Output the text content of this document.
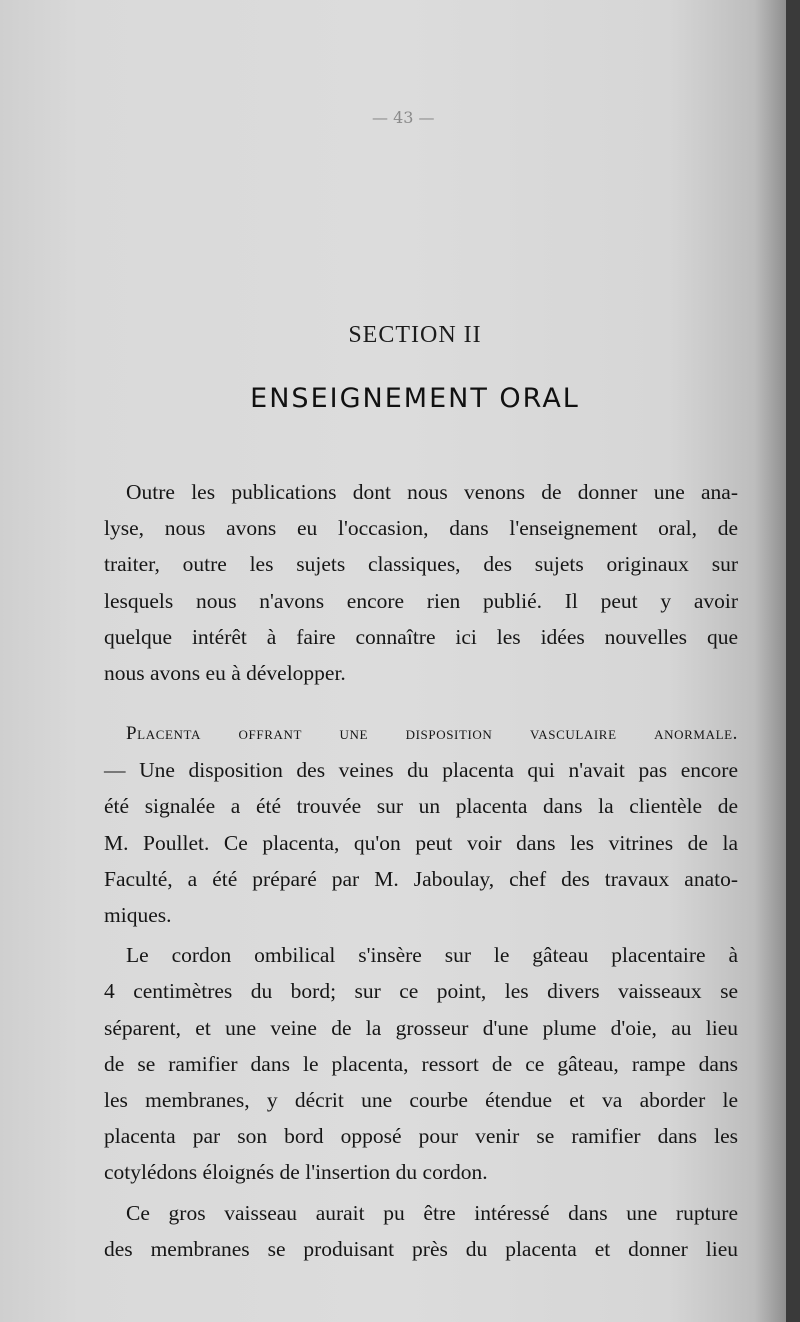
— 43 —
SECTION II
ENSEIGNEMENT ORAL
Outre les publications dont nous venons de donner une ana-
lyse, nous avons eu l'occasion, dans l'enseignement oral, de
traiter, outre les sujets classiques, des sujets originaux sur
lesquels nous n'avons encore rien publié. Il peut y avoir
quelque intérêt à faire connaître ici les idées nouvelles que
nous avons eu à développer.
Placenta offrant une disposition vasculaire anormale.
— Une disposition des veines du placenta qui n'avait pas encore
été signalée a été trouvée sur un placenta dans la clientèle de
M. Poullet. Ce placenta, qu'on peut voir dans les vitrines de la
Faculté, a été préparé par M. Jaboulay, chef des travaux anato-
miques.
Le cordon ombilical s'insère sur le gâteau placentaire à
4 centimètres du bord; sur ce point, les divers vaisseaux se
séparent, et une veine de la grosseur d'une plume d'oie, au lieu
de se ramifier dans le placenta, ressort de ce gâteau, rampe dans
les membranes, y décrit une courbe étendue et va aborder le
placenta par son bord opposé pour venir se ramifier dans les
cotylédons éloignés de l'insertion du cordon.
Ce gros vaisseau aurait pu être intéressé dans une rupture
des membranes se produisant près du placenta et donner lieu
